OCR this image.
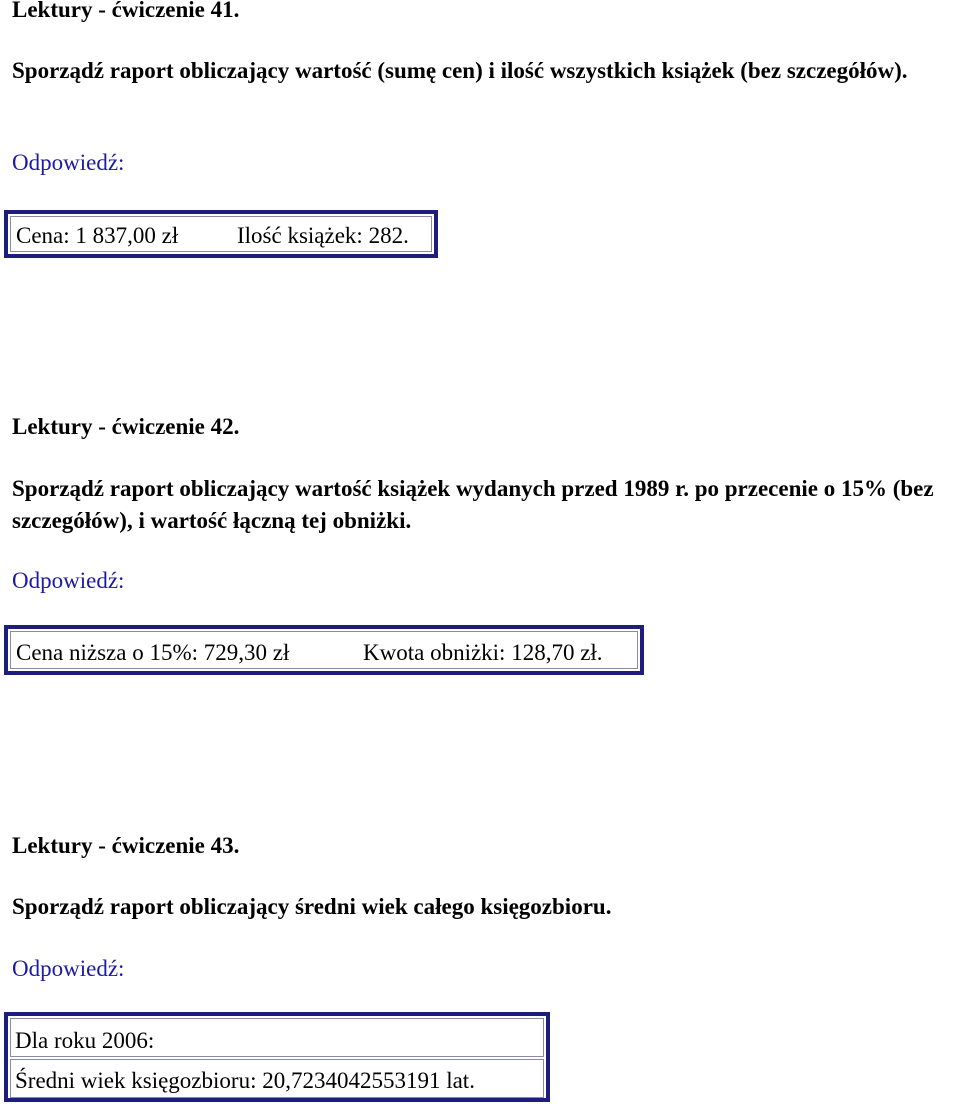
Lektury - ćwiczenie 41.
Sporządź raport obliczający wartość (sumę cen) i ilość wszystkich książek (bez szczegółów).
Odpowiedź:
Cena: 1 837,00 zł	Ilość książek: 282.
Lektury - ćwiczenie 42.
Sporządź raport obliczający wartość książek wydanych przed 1989 r. po przecenie o 15% (bez szczegółów), i wartość łączną tej obniżki.
Odpowiedź:
Cena niższa o 15%: 729,30 zł	Kwota obniżki: 128,70 zł.
Lektury - ćwiczenie 43.
Sporządź raport obliczający średni wiek całego księgozbioru.
Odpowiedź:
Dla roku 2006:
Średni wiek księgozbioru: 20,7234042553191 lat.
